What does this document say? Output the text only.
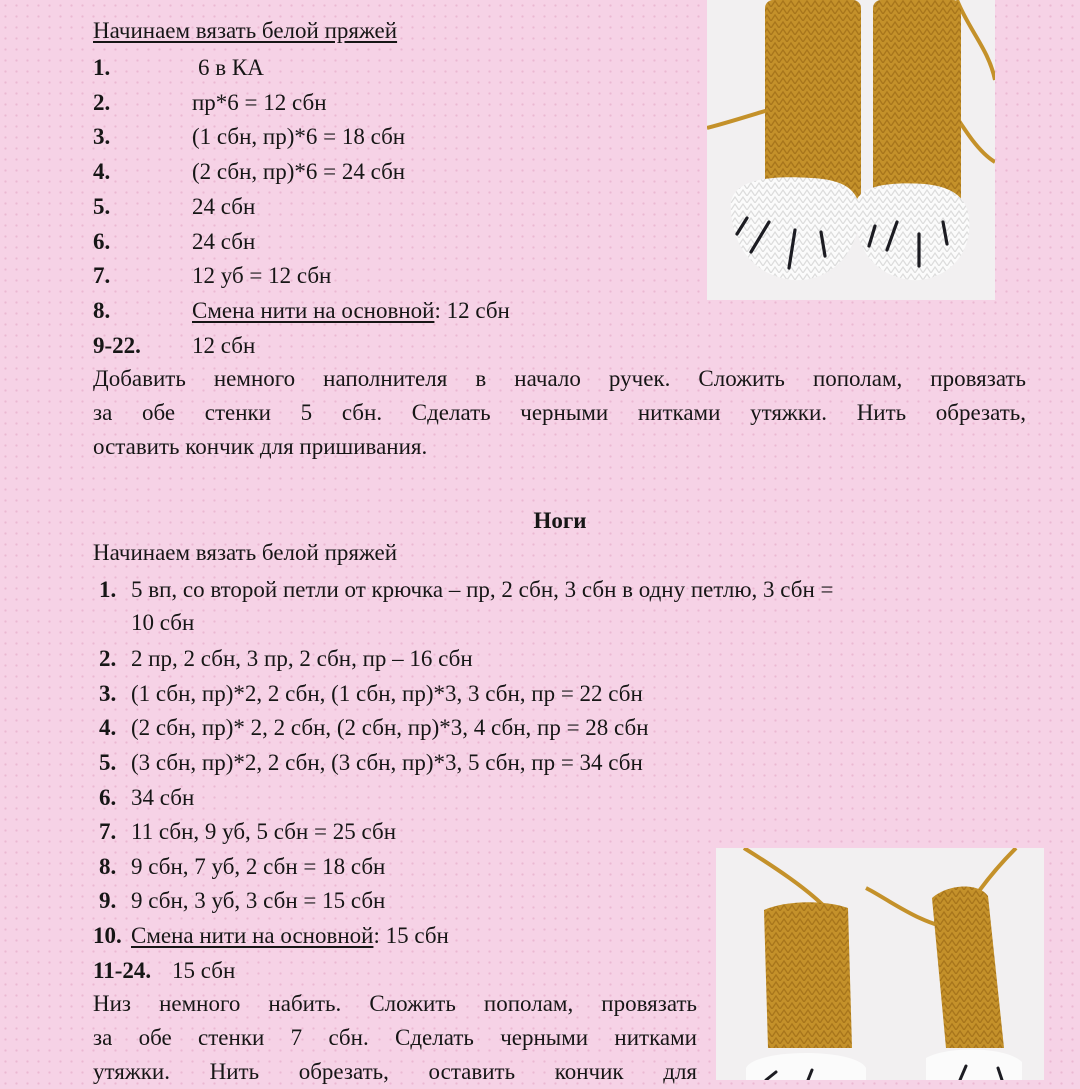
Начинаем вязать белой пряжей
1.	6 в КА
2.	пр*6 = 12 сбн
3.	(1 сбн, пр)*6 = 18 сбн
4.	(2 сбн, пр)*6 = 24 сбн
5.	24 сбн
6.	24 сбн
7.	12 уб = 12 сбн
8.	Смена нити на основной: 12 сбн
9-22. 12 сбн
Добавить немного наполнителя в начало ручек. Сложить пополам, провязать
за обе стенки 5 сбн. Сделать черными нитками утяжки. Нить обрезать,
оставить кончик для пришивания.
Ноги
Начинаем вязать белой пряжей
1. 5 вп, со второй петли от крючка – пр, 2 сбн, 3 сбн в одну петлю, 3 сбн =
10 сбн
2. 2 пр, 2 сбн, 3 пр, 2 сбн, пр – 16 сбн
3. (1 сбн, пр)*2, 2 сбн, (1 сбн, пр)*3, 3 сбн, пр = 22 сбн
4. (2 сбн, пр)* 2, 2 сбн, (2 сбн, пр)*3, 4 сбн, пр = 28 сбн
5. (3 сбн, пр)*2, 2 сбн, (3 сбн, пр)*3, 5 сбн, пр = 34 сбн
6. 34 сбн
7. 11 сбн, 9 уб, 5 сбн = 25 сбн
8. 9 сбн, 7 уб, 2 сбн = 18 сбн
9. 9 сбн, 3 уб, 3 сбн = 15 сбн
10. Смена нити на основной: 15 сбн
11-24. 15 сбн
Низ немного набить. Сложить пополам, провязать
за обе стенки 7 сбн. Сделать черными нитками
утяжки. Нить обрезать, оставить кончик для
